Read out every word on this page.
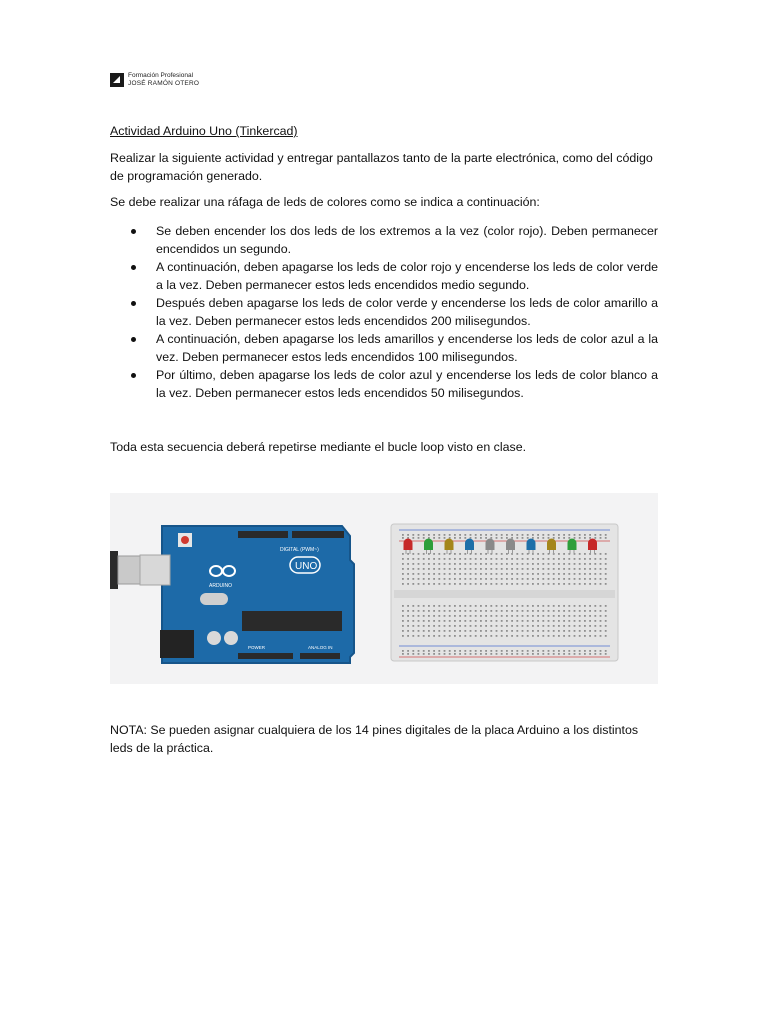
Formación Profesional
JOSÉ RAMÓN OTERO
Actividad Arduino Uno (Tinkercad)
Realizar la siguiente actividad y entregar pantallazos tanto de la parte electrónica, como del código de programación generado.
Se debe realizar una ráfaga de leds de colores como se indica a continuación:
Se deben encender los dos leds de los extremos a la vez (color rojo). Deben permanecer encendidos un segundo.
A continuación, deben apagarse los leds de color rojo y encenderse los leds de color verde a la vez. Deben permanecer estos leds encendidos medio segundo.
Después deben apagarse los leds de color verde y encenderse los leds de color amarillo a la vez. Deben permanecer estos leds encendidos 200 milisegundos.
A continuación, deben apagarse los leds amarillos y encenderse los leds de color azul a la vez. Deben permanecer estos leds encendidos 100 milisegundos.
Por último, deben apagarse los leds de color azul y encenderse los leds de color blanco a la vez. Deben permanecer estos leds encendidos 50 milisegundos.
Toda esta secuencia deberá repetirse mediante el bucle loop visto en clase.
DIGITAL (PWM~)
ARDUINO
UNO
POWER	ANALOG IN
NOTA: Se pueden asignar cualquiera de los 14 pines digitales de la placa Arduino a los distintos leds de la práctica.
